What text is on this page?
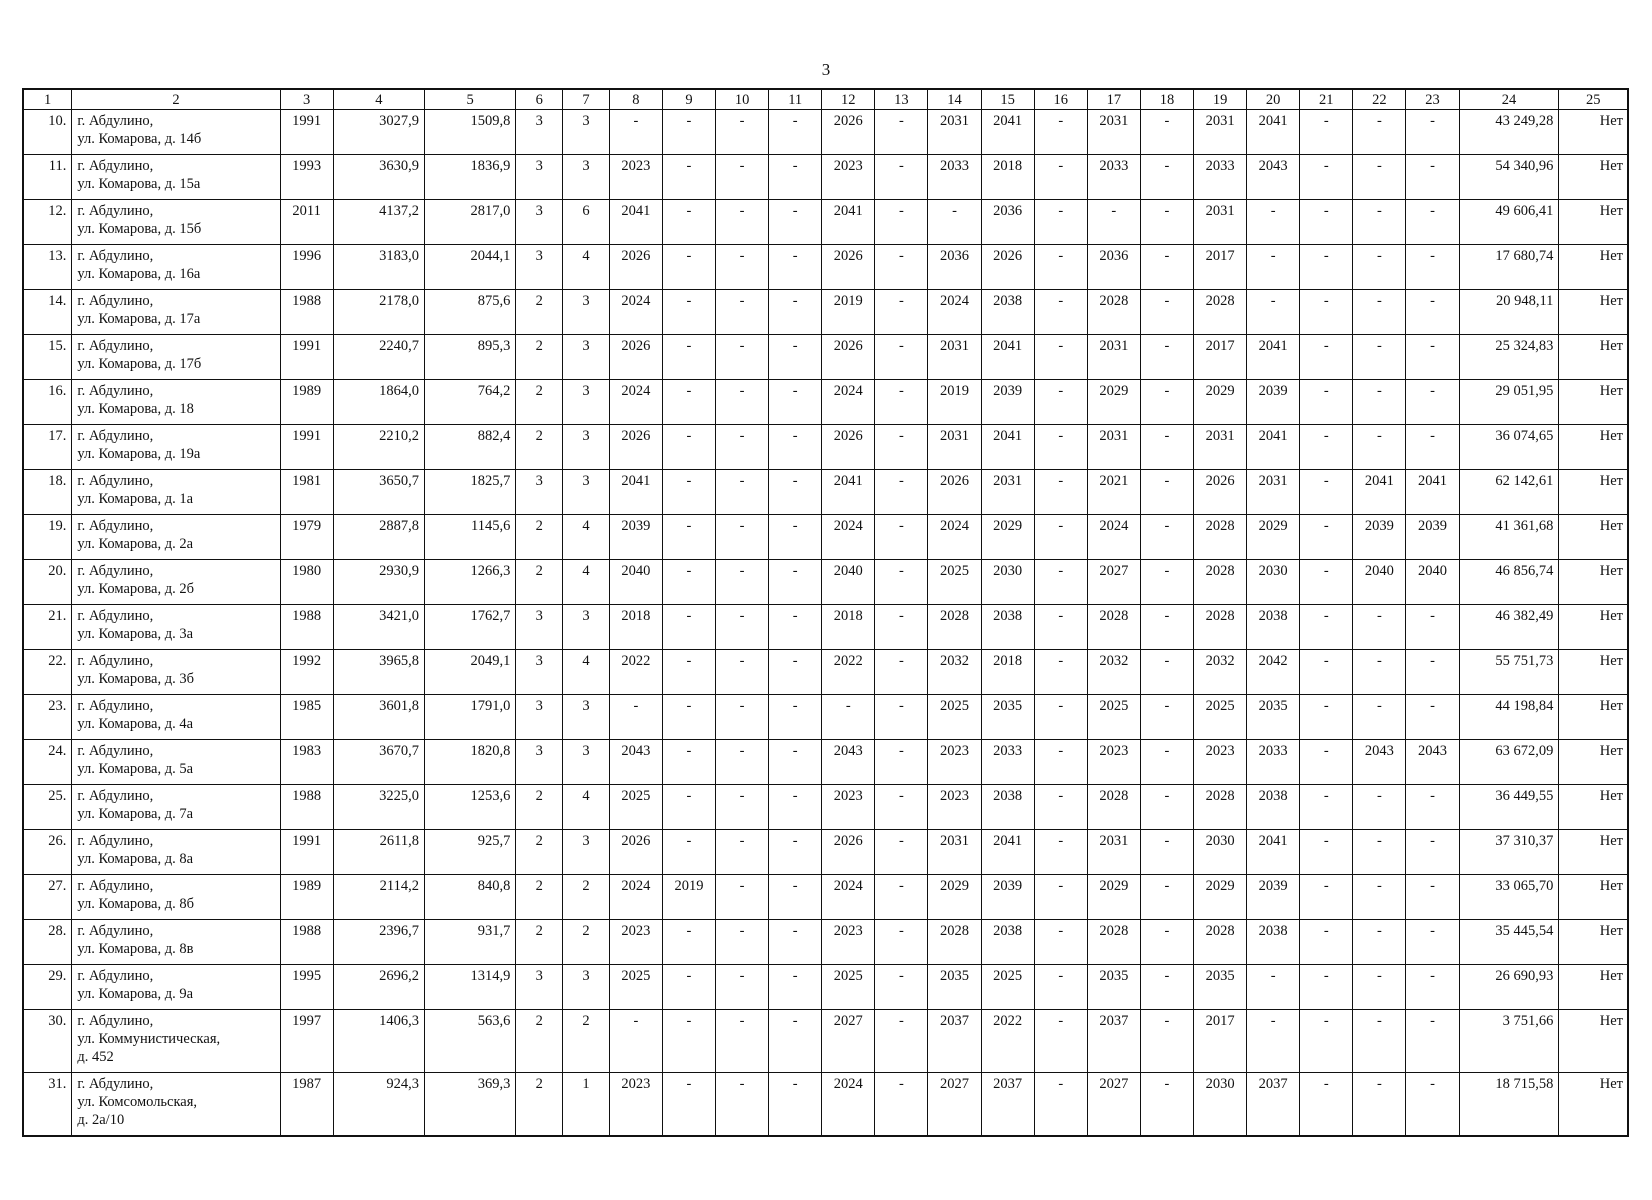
3
1	2	3	4	5	6	7	8	9	10	11	12	13	14	15	16	17	18	19	20	21	22	23	24	25
10.	г. Абдулино,
ул. Комарова, д. 14б	1991	3027,9	1509,8	3	3	-	-	-	-	2026	-	2031	2041	-	2031	-	2031	2041	-	-	-	43 249,28	Нет
11.	г. Абдулино,
ул. Комарова, д. 15а	1993	3630,9	1836,9	3	3	2023	-	-	-	2023	-	2033	2018	-	2033	-	2033	2043	-	-	-	54 340,96	Нет
12.	г. Абдулино,
ул. Комарова, д. 15б	2011	4137,2	2817,0	3	6	2041	-	-	-	2041	-	-	2036	-	-	-	2031	-	-	-	-	49 606,41	Нет
13.	г. Абдулино,
ул. Комарова, д. 16а	1996	3183,0	2044,1	3	4	2026	-	-	-	2026	-	2036	2026	-	2036	-	2017	-	-	-	-	17 680,74	Нет
14.	г. Абдулино,
ул. Комарова, д. 17а	1988	2178,0	875,6	2	3	2024	-	-	-	2019	-	2024	2038	-	2028	-	2028	-	-	-	-	20 948,11	Нет
15.	г. Абдулино,
ул. Комарова, д. 17б	1991	2240,7	895,3	2	3	2026	-	-	-	2026	-	2031	2041	-	2031	-	2017	2041	-	-	-	25 324,83	Нет
16.	г. Абдулино,
ул. Комарова, д. 18	1989	1864,0	764,2	2	3	2024	-	-	-	2024	-	2019	2039	-	2029	-	2029	2039	-	-	-	29 051,95	Нет
17.	г. Абдулино,
ул. Комарова, д. 19а	1991	2210,2	882,4	2	3	2026	-	-	-	2026	-	2031	2041	-	2031	-	2031	2041	-	-	-	36 074,65	Нет
18.	г. Абдулино,
ул. Комарова, д. 1а	1981	3650,7	1825,7	3	3	2041	-	-	-	2041	-	2026	2031	-	2021	-	2026	2031	-	2041	2041	62 142,61	Нет
19.	г. Абдулино,
ул. Комарова, д. 2а	1979	2887,8	1145,6	2	4	2039	-	-	-	2024	-	2024	2029	-	2024	-	2028	2029	-	2039	2039	41 361,68	Нет
20.	г. Абдулино,
ул. Комарова, д. 2б	1980	2930,9	1266,3	2	4	2040	-	-	-	2040	-	2025	2030	-	2027	-	2028	2030	-	2040	2040	46 856,74	Нет
21.	г. Абдулино,
ул. Комарова, д. 3а	1988	3421,0	1762,7	3	3	2018	-	-	-	2018	-	2028	2038	-	2028	-	2028	2038	-	-	-	46 382,49	Нет
22.	г. Абдулино,
ул. Комарова, д. 3б	1992	3965,8	2049,1	3	4	2022	-	-	-	2022	-	2032	2018	-	2032	-	2032	2042	-	-	-	55 751,73	Нет
23.	г. Абдулино,
ул. Комарова, д. 4а	1985	3601,8	1791,0	3	3	-	-	-	-	-	-	2025	2035	-	2025	-	2025	2035	-	-	-	44 198,84	Нет
24.	г. Абдулино,
ул. Комарова, д. 5а	1983	3670,7	1820,8	3	3	2043	-	-	-	2043	-	2023	2033	-	2023	-	2023	2033	-	2043	2043	63 672,09	Нет
25.	г. Абдулино,
ул. Комарова, д. 7а	1988	3225,0	1253,6	2	4	2025	-	-	-	2023	-	2023	2038	-	2028	-	2028	2038	-	-	-	36 449,55	Нет
26.	г. Абдулино,
ул. Комарова, д. 8а	1991	2611,8	925,7	2	3	2026	-	-	-	2026	-	2031	2041	-	2031	-	2030	2041	-	-	-	37 310,37	Нет
27.	г. Абдулино,
ул. Комарова, д. 8б	1989	2114,2	840,8	2	2	2024	2019	-	-	2024	-	2029	2039	-	2029	-	2029	2039	-	-	-	33 065,70	Нет
28.	г. Абдулино,
ул. Комарова, д. 8в	1988	2396,7	931,7	2	2	2023	-	-	-	2023	-	2028	2038	-	2028	-	2028	2038	-	-	-	35 445,54	Нет
29.	г. Абдулино,
ул. Комарова, д. 9а	1995	2696,2	1314,9	3	3	2025	-	-	-	2025	-	2035	2025	-	2035	-	2035	-	-	-	-	26 690,93	Нет
30.	г. Абдулино,
ул. Коммунистическая,
д. 452	1997	1406,3	563,6	2	2	-	-	-	-	2027	-	2037	2022	-	2037	-	2017	-	-	-	-	3 751,66	Нет
31.	г. Абдулино,
ул. Комсомольская,
д. 2а/10	1987	924,3	369,3	2	1	2023	-	-	-	2024	-	2027	2037	-	2027	-	2030	2037	-	-	-	18 715,58	Нет
